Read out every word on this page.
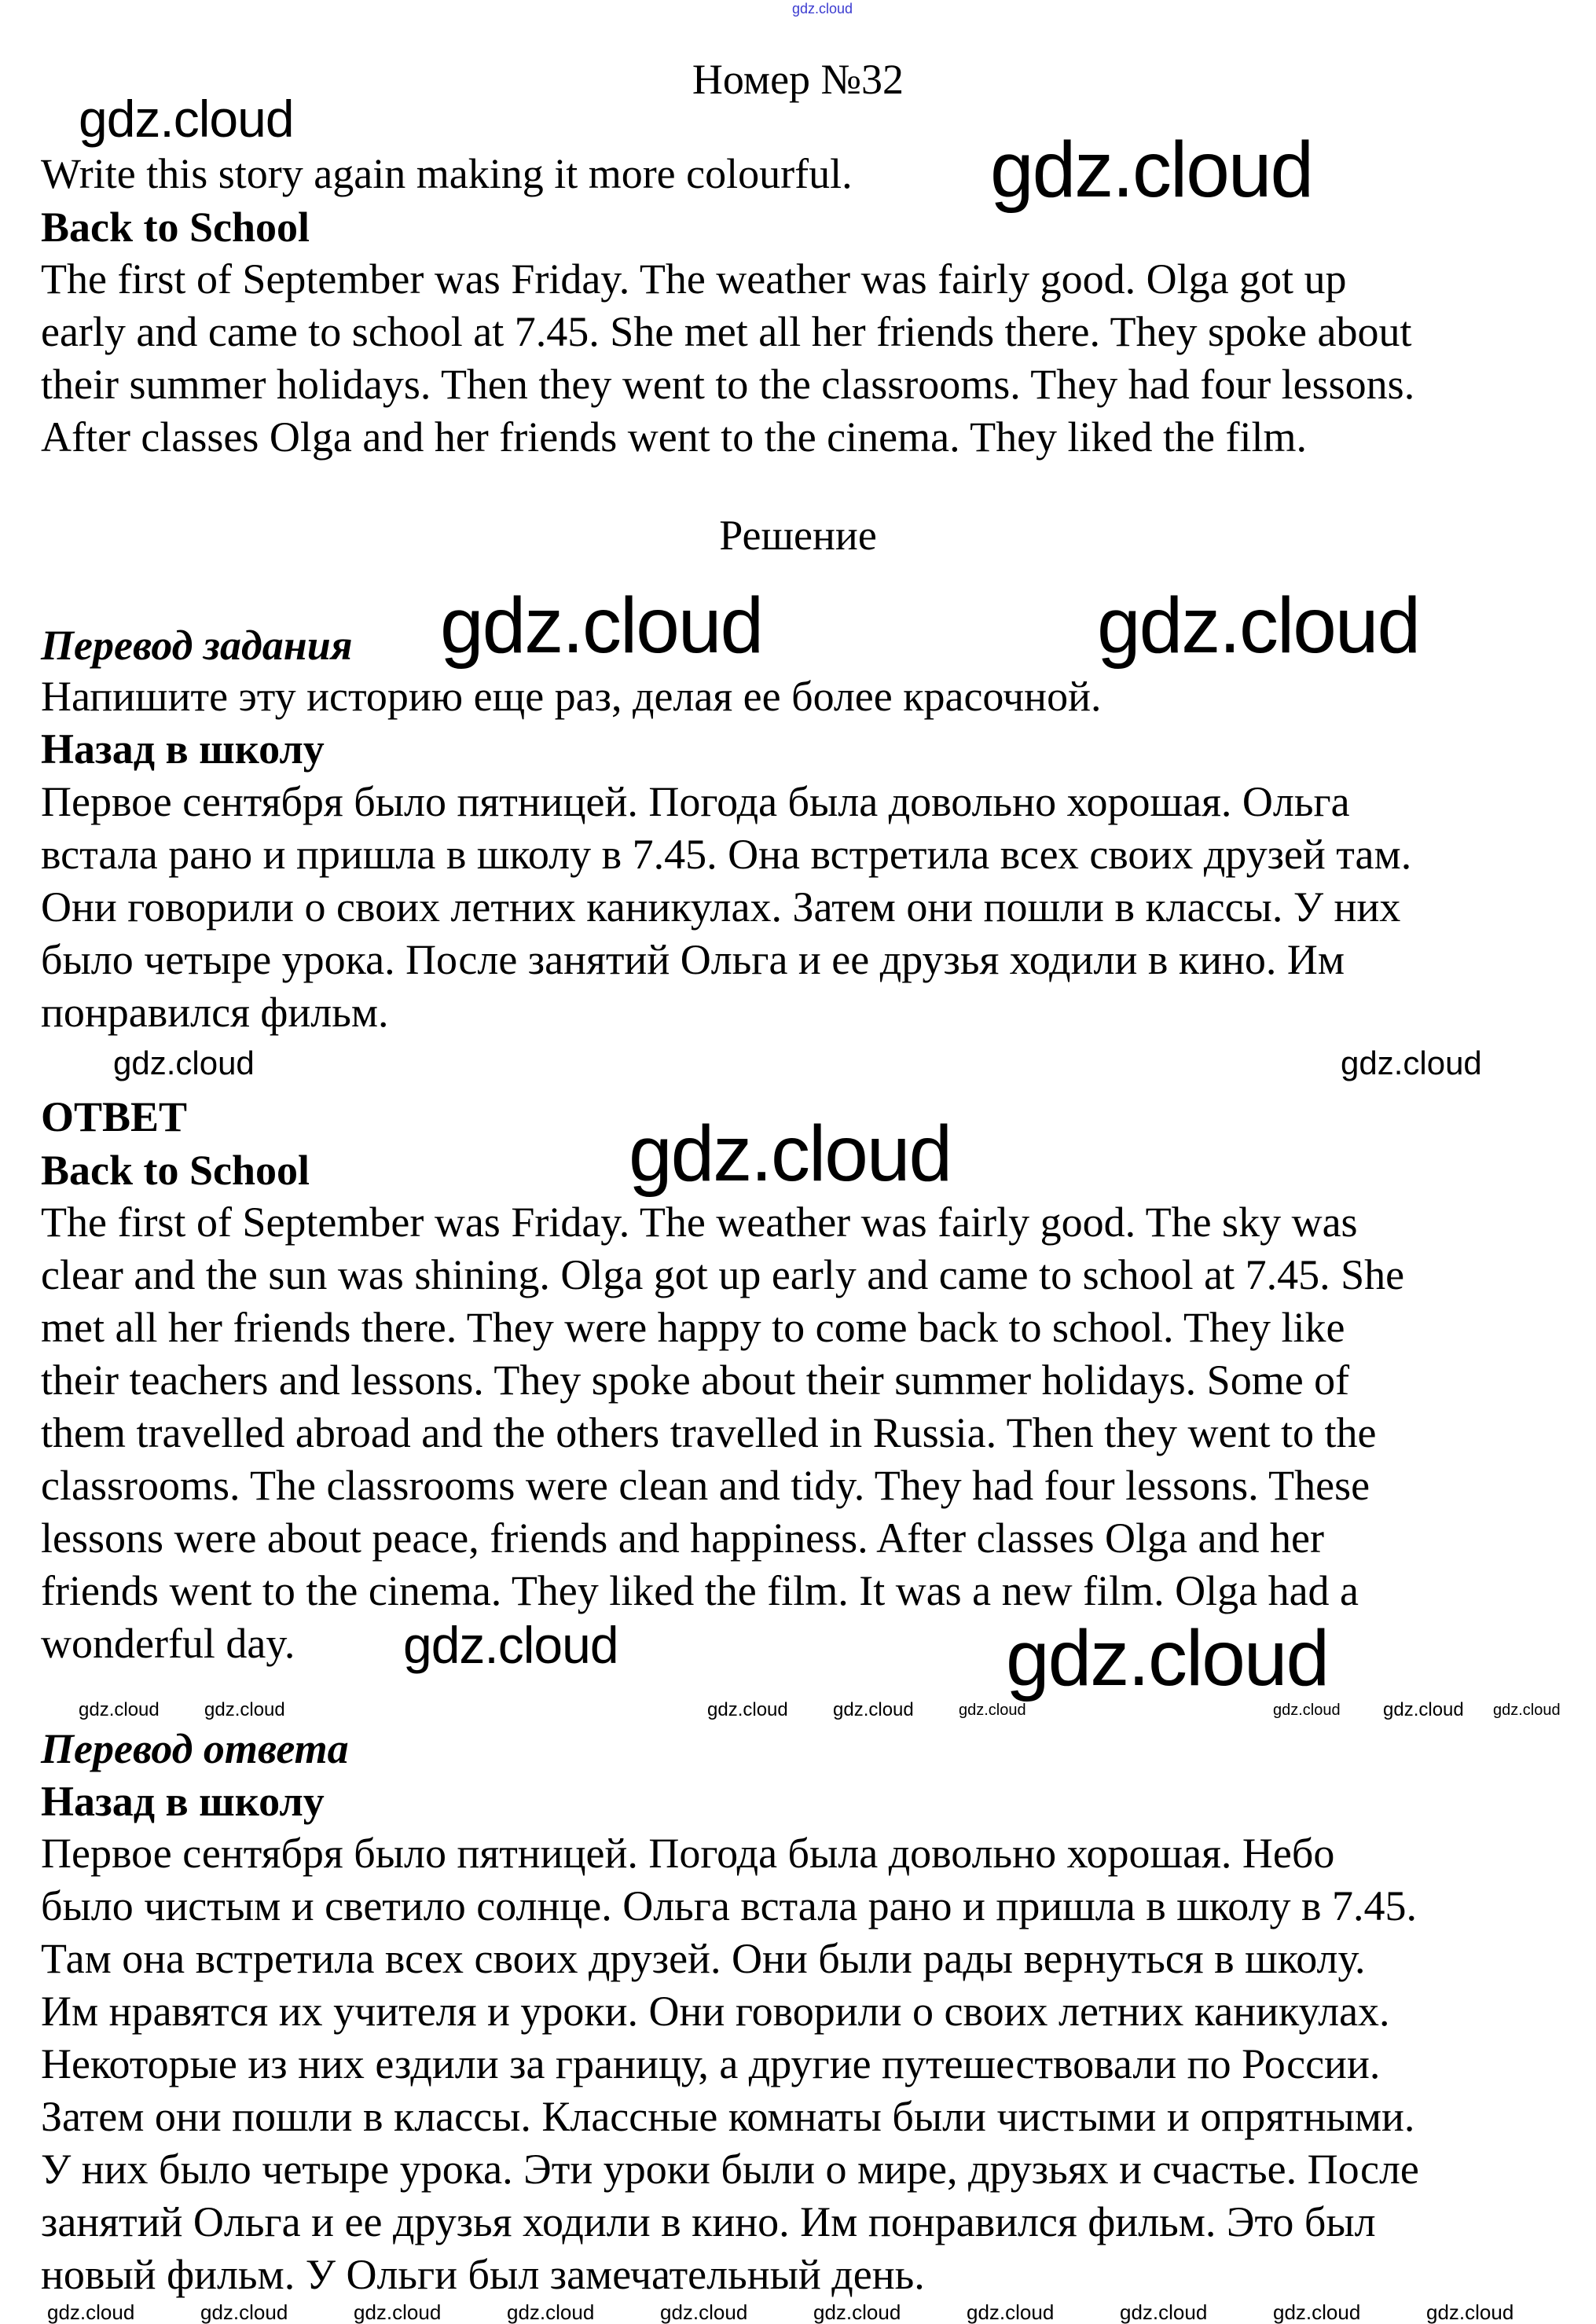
gdz.cloud
Номер №32
Write this story again making it more colourful.
Back to School
The first of September was Friday. The weather was fairly good. Olga got up
early and came to school at 7.45. She met all her friends there. They spoke about
their summer holidays. Then they went to the classrooms. They had four lessons.
After classes Olga and her friends went to the cinema. They liked the film.
Решение
Перевод задания
Напишите эту историю еще раз, делая ее более красочной.
Назад в школу
Первое сентября было пятницей. Погода была довольно хорошая. Ольга
встала рано и пришла в школу в 7.45. Она встретила всех своих друзей там.
Они говорили о своих летних каникулах. Затем они пошли в классы. У них
было четыре урока. После занятий Ольга и ее друзья ходили в кино. Им
понравился фильм.
ОТВЕТ
Back to School
The first of September was Friday. The weather was fairly good. The sky was
clear and the sun was shining. Olga got up early and came to school at 7.45. She
met all her friends there. They were happy to come back to school. They like
their teachers and lessons. They spoke about their summer holidays. Some of
them travelled abroad and the others travelled in Russia. Then they went to the
classrooms. The classrooms were clean and tidy. They had four lessons. These
lessons were about peace, friends and happiness. After classes Olga and her
friends went to the cinema. They liked the film. It was a new film. Olga had a
wonderful day.
Перевод ответа
Назад в школу
Первое сентября было пятницей. Погода была довольно хорошая. Небо
было чистым и светило солнце. Ольга встала рано и пришла в школу в 7.45.
Там она встретила всех своих друзей. Они были рады вернуться в школу.
Им нравятся их учителя и уроки. Они говорили о своих летних каникулах.
Некоторые из них ездили за границу, а другие путешествовали по России.
Затем они пошли в классы. Классные комнаты были чистыми и опрятными.
У них было четыре урока. Эти уроки были о мире, друзьях и счастье. После
занятий Ольга и ее друзья ходили в кино. Им понравился фильм. Это был
новый фильм. У Ольги был замечательный день.
gdz.cloud
gdz.cloud
gdz.cloud	gdz.cloud
gdz.cloud	gdz.cloud
gdz.cloud
gdz.cloud	gdz.cloud
gdz.cloud gdz.cloud	gdz.cloud gdz.cloud	gdz.cloud
gdz.cloud	gdz.cloud
gdz.cloud
gdz.cloud	gdz.cloud	gdz.cloud	gdz.cloud	gdz.cloud	gdz.cloud	gdz.cloud	gdz.cloud	gdz.cloud	gdz.cloud
